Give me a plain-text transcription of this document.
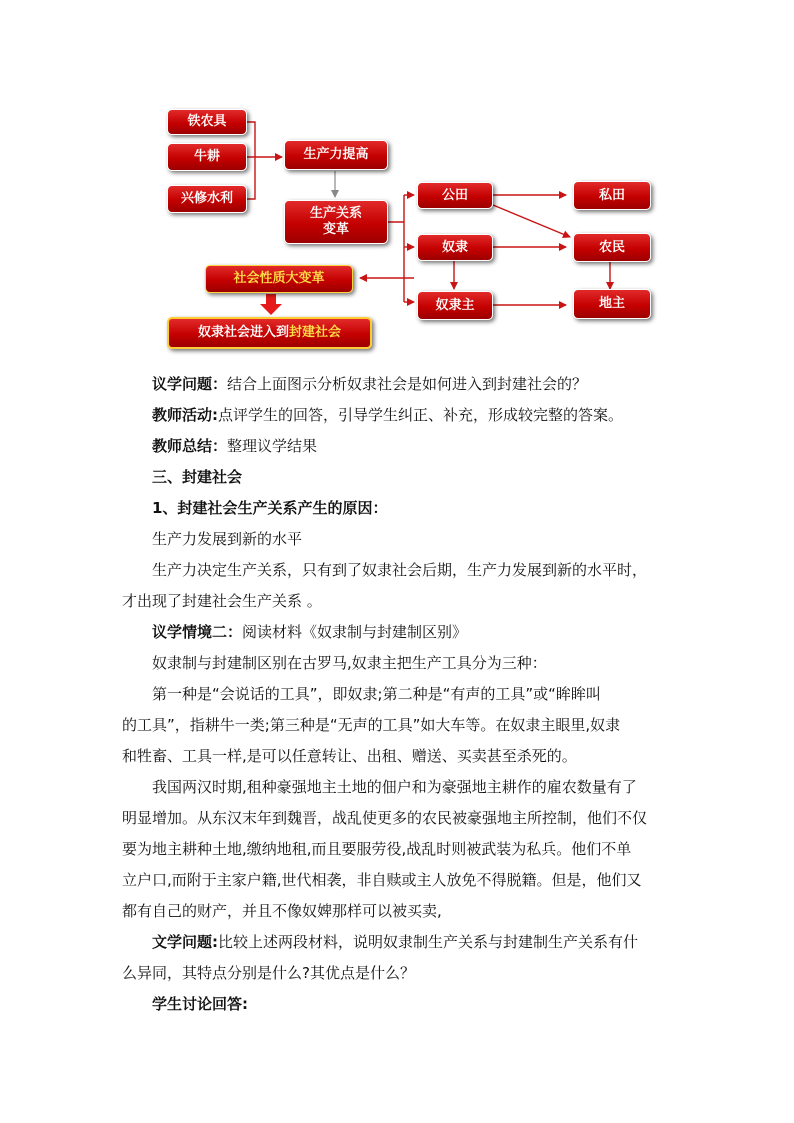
铁农具
牛耕
兴修水利
生产力提高
生产关系
变革
公田
奴隶
奴隶主
私田
农民
地主
社会性质大变革
奴隶社会进入到 封建社会
议学问题：结合上面图示分析奴隶社会是如何进入到封建社会的？
教师活动:点评学生的回答，引导学生纠正、补充，形成较完整的答案。
教师总结：整理议学结果
三、封建社会
1、封建社会生产关系产生的原因：
生产力发展到新的水平
生产力决定生产关系，只有到了奴隶社会后期，生产力发展到新的水平时，
才出现了封建社会生产关系 。
议学情境二：阅读材料《奴隶制与封建制区别》
奴隶制与封建制区别在古罗马,奴隶主把生产工具分为三种：
第一种是“会说话的工具”，即奴隶;第二种是“有声的工具”或“眸眸叫
的工具”，指耕牛一类;第三种是“无声的工具”如大车等。在奴隶主眼里,奴隶
和牲畜、工具一样,是可以任意转让、出租、赠送、买卖甚至杀死的。
我国两汉时期,租种豪强地主土地的佃户和为豪强地主耕作的雇农数量有了
明显增加。从东汉末年到魏晋，战乱使更多的农民被豪强地主所控制，他们不仅
要为地主耕种土地,缴纳地租,而且要服劳役,战乱时则被武装为私兵。他们不单
立户口,而附于主家户籍,世代相袭，非自赎或主人放免不得脱籍。但是，他们又
都有自己的财产，并且不像奴婢那样可以被买卖,
文学问题:比较上述两段材料，说明奴隶制生产关系与封建制生产关系有什
么异同，其特点分别是什么?其优点是什么？
学生讨论回答:
